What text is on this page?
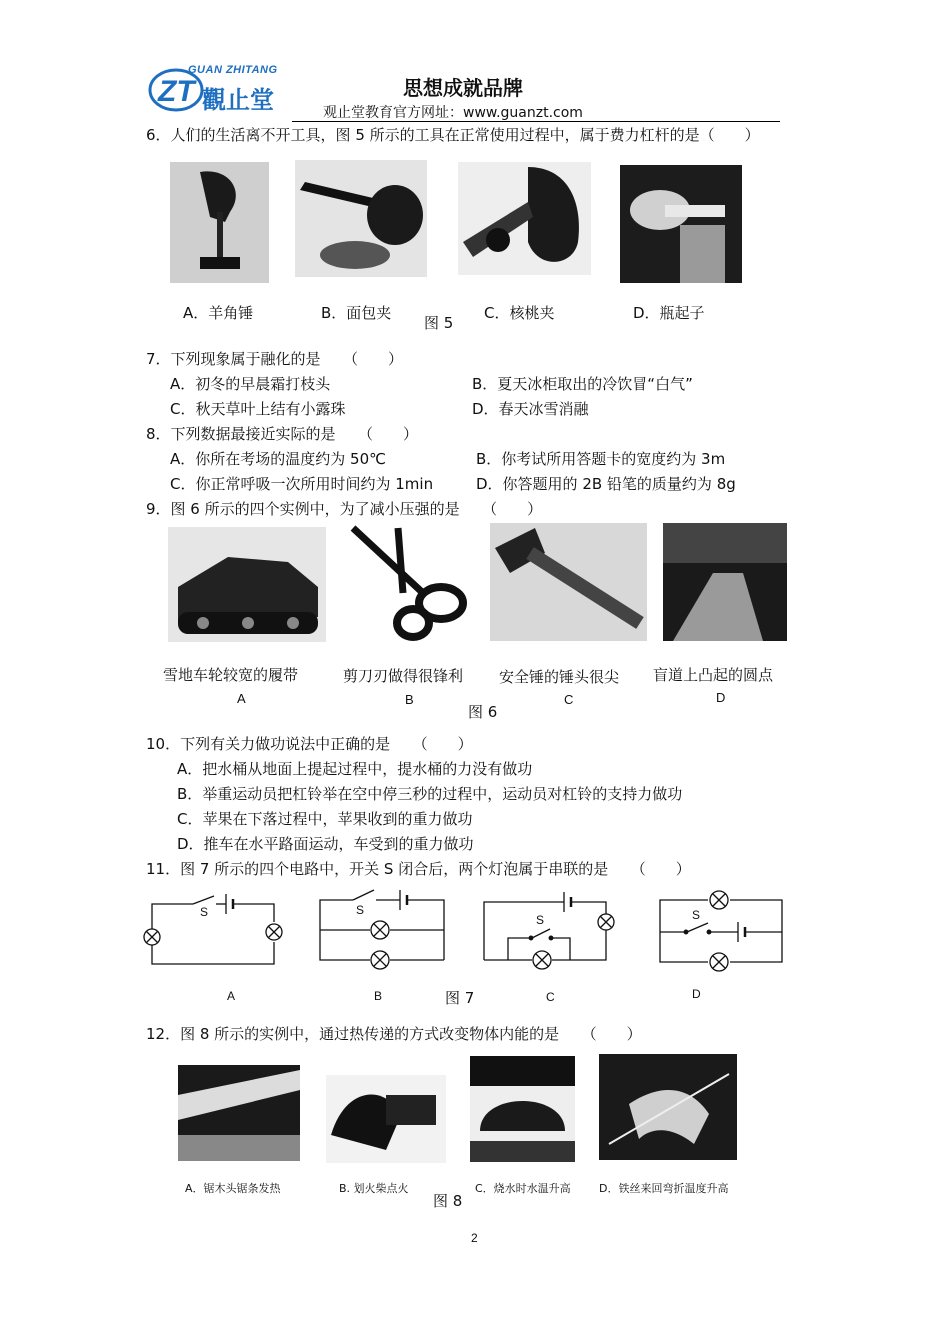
ZT
GUAN ZHITANG
觀止堂	思想成就品牌
观止堂教育官方网址：www.guanzt.com
6．人们的生活离不开工具，图 5 所示的工具在正常使用过程中，属于费力杠杆的是（　　）
A．羊角锤	B．面包夹
图 5
C．核桃夹	D．瓶起子
7．下列现象属于融化的是　　（　　）
A．初冬的早晨霜打枝头	B．夏天冰柜取出的冷饮冒“白气”
C．秋天草叶上结有小露珠	D．春天冰雪消融
8．下列数据最接近实际的是　　（　　）
A．你所在考场的温度约为 50℃	B．你考试所用答题卡的宽度约为 3m
C．你正常呼吸一次所用时间约为 1min	D．你答题用的 2B 铅笔的质量约为 8g
9．图 6 所示的四个实例中，为了减小压强的是　　（　　）
雪地车轮较宽的履带	剪刀刃做得很锋利 安全锤的锤头很尖 盲道上凸起的圆点
A	B
图 6
C	D
10．下列有关力做功说法中正确的是　　（　　）
A．把水桶从地面上提起过程中，提水桶的力没有做功
B．举重运动员把杠铃举在空中停三秒的过程中，运动员对杠铃的支持力做功
C．苹果在下落过程中，苹果收到的重力做功
D．推车在水平路面运动，车受到的重力做功
11．图 7 所示的四个电路中，开关 S 闭合后，两个灯泡属于串联的是　　（　　）
S	S
S	S
A	B	图 7	C	D
12．图 8 所示的实例中，通过热传递的方式改变物体内能的是　　（　　）
A．锯木头锯条发热	B. 划火柴点火	C．烧水时水温升高	D．铁丝来回弯折温度升高
图 8
2
